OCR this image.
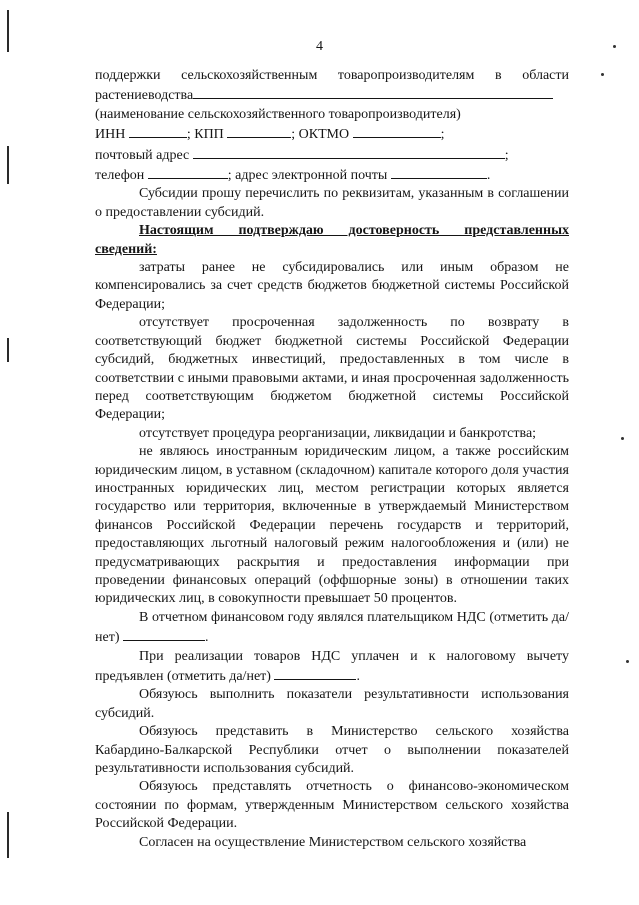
4

поддержки сельскохозяйственным товаропроизводителям в области растениеводства

(наименование сельскохозяйственного товаропроизводителя)

ИНН	; КПП	; ОКТМО	;

почтовый адрес	;

телефон	; адрес электронной почты	.

Субсидии прошу перечислить по реквизитам, указанным в соглашении о предоставлении субсидий.

Настоящим подтверждаю достоверность представленных сведений:

затраты ранее не субсидировались или иным образом не компенсировались за счет средств бюджетов бюджетной системы Российской Федерации;

отсутствует просроченная задолженность по возврату в соответствующий бюджет бюджетной системы Российской Федерации субсидий, бюджетных инвестиций, предоставленных в том числе в соответствии с иными правовыми актами, и иная просроченная задолженность перед соответствующим бюджетом бюджетной системы Российской Федерации;

отсутствует процедура реорганизации, ликвидации и банкротства;

не являюсь иностранным юридическим лицом, а также российским юридическим лицом, в уставном (складочном) капитале которого доля участия иностранных юридических лиц, местом регистрации которых является государство или территория, включенные в утверждаемый Министерством финансов Российской Федерации перечень государств и территорий, предоставляющих льготный налоговый режим налогообложения и (или) не предусматривающих раскрытия и предоставления информации при проведении финансовых операций (оффшорные зоны) в отношении таких юридических лиц, в совокупности превышает 50 процентов.

В отчетном финансовом году являлся плательщиком НДС (отметить да/нет)	.

При реализации товаров НДС уплачен и к налоговому вычету предъявлен (отметить да/нет)	.

Обязуюсь выполнить показатели результативности использования субсидий.

Обязуюсь представить в Министерство сельского хозяйства Кабардино-Балкарской Республики отчет о выполнении показателей результативности использования субсидий.

Обязуюсь представлять отчетность о финансово-экономическом состоянии по формам, утвержденным Министерством сельского хозяйства Российской Федерации.

Согласен на осуществление Министерством сельского хозяйства
